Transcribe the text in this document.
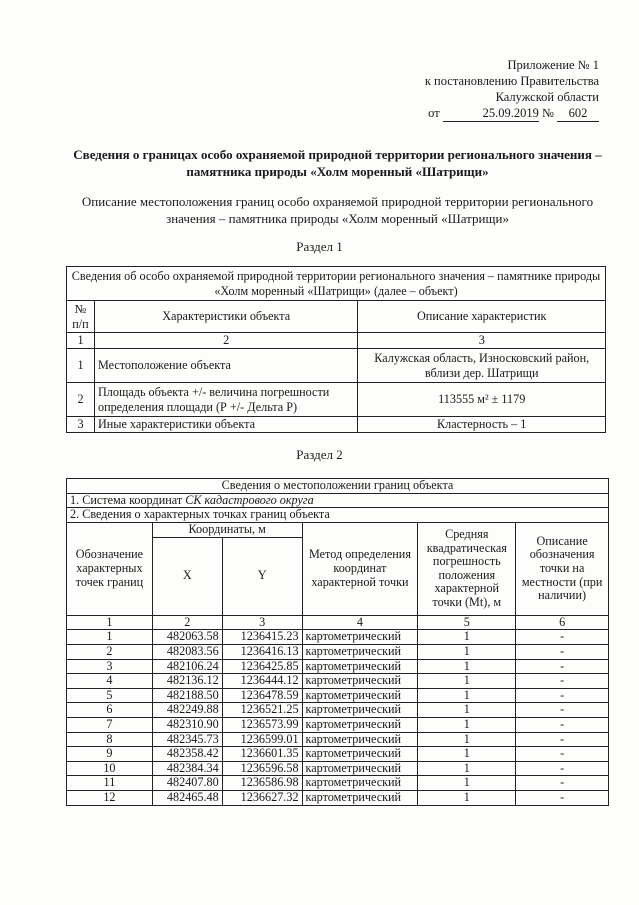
Приложение № 1
к постановлению Правительства
Калужской области
от	25.09.2019 № 602
Сведения о границах особо охраняемой природной территории регионального значения – памятника природы «Холм моренный «Шатрищи»
Описание местоположения границ особо охраняемой природной территории регионального значения – памятника природы «Холм моренный «Шатрищи»
Раздел 1
Сведения об особо охраняемой природной территории регионального значения – памятнике природы «Холм моренный «Шатрищи» (далее – объект)		
№ п/п	Характеристики объекта	Описание характеристик
1	2	3
1	Местоположение объекта	Калужская область, Износковский район, вблизи дер. Шатрищи
2	Площадь объекта +/- величина погрешности определения площади (Р +/- Дельта Р)	113555 м² ± 1179
3	Иные характеристики объекта	Кластерность – 1
Раздел 2
Сведения о местоположении границ объекта					
1. Система координат СК кадастрового округа					
2. Сведения о характерных точках границ объекта					
Обозначение характерных точек границ	Координаты, м		Метод определения координат характерной точки	Средняя квадратическая погрешность положения характерной точки (Mt), м	Описание обозначения точки на местности (при наличии)
	X	Y			
1	2	3	4	5	6
1	482063.58	1236415.23	картометрический	1	-
2	482083.56	1236416.13	картометрический	1	-
3	482106.24	1236425.85	картометрический	1	-
4	482136.12	1236444.12	картометрический	1	-
5	482188.50	1236478.59	картометрический	1	-
6	482249.88	1236521.25	картометрический	1	-
7	482310.90	1236573.99	картометрический	1	-
8	482345.73	1236599.01	картометрический	1	-
9	482358.42	1236601.35	картометрический	1	-
10	482384.34	1236596.58	картометрический	1	-
11	482407.80	1236586.98	картометрический	1	-
12	482465.48	1236627.32	картометрический	1	-
